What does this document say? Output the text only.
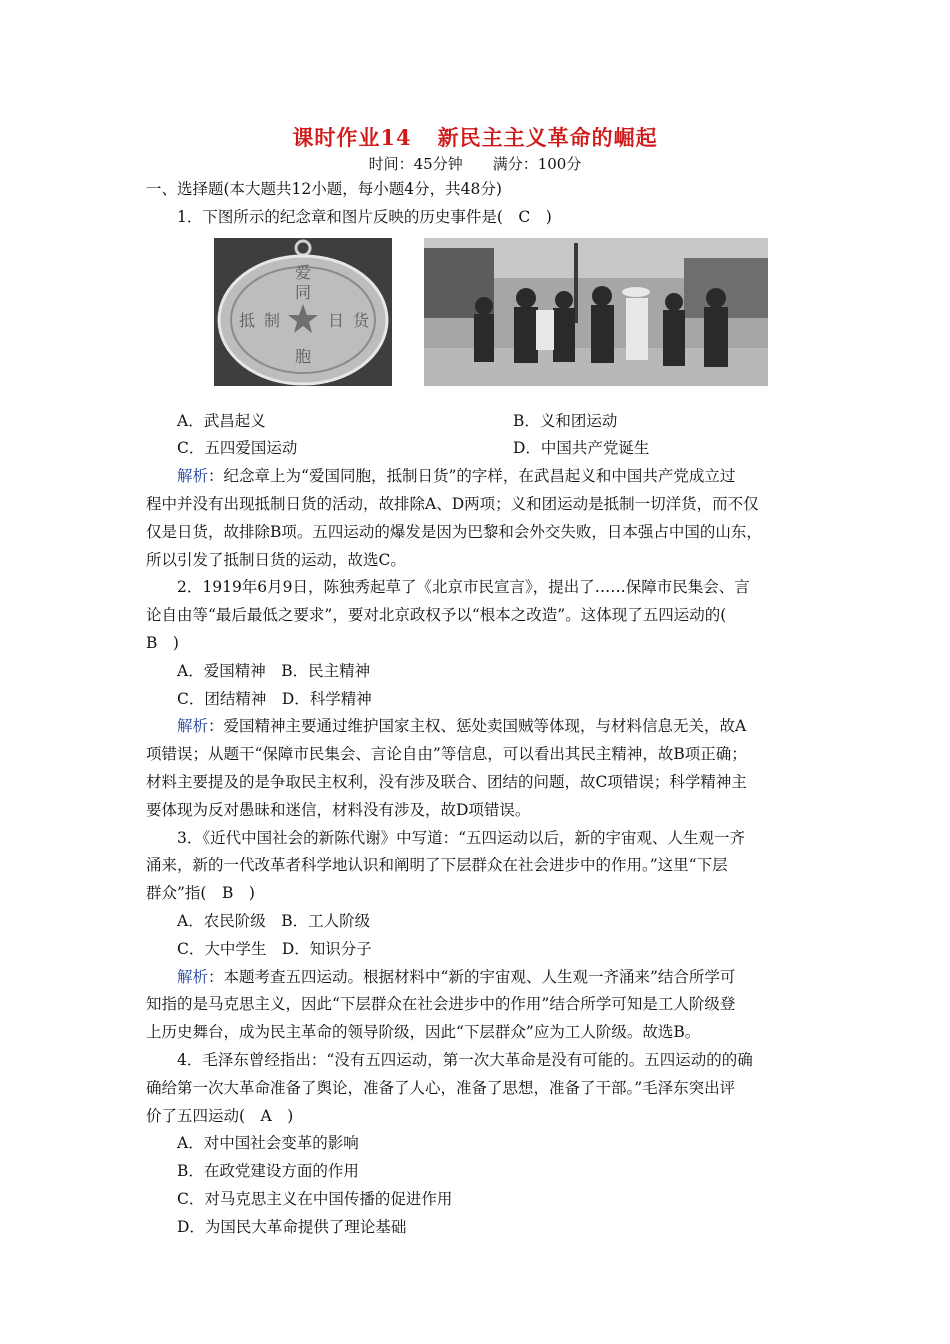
课时作业14 新民主主义革命的崛起
时间：45分钟 满分：100分

一、选择题(本大题共12小题，每小题4分，共48分)

1．下图所示的纪念章和图片反映的历史事件是(　C　)

爱
同
胞
抵 制	日 货
A．武昌起义	B．义和团运动
C．五四爱国运动	D．中国共产党诞生

解析：纪念章上为“爱国同胞，抵制日货”的字样，在武昌起义和中国共产党成立过

程中并没有出现抵制日货的活动，故排除A、D两项；义和团运动是抵制一切洋货，而不仅

仅是日货，故排除B项。五四运动的爆发是因为巴黎和会外交失败，日本强占中国的山东，

所以引发了抵制日货的运动，故选C。

2．1919年6月9日，陈独秀起草了《北京市民宣言》，提出了……保障市民集会、言

论自由等“最后最低之要求”，要对北京政权予以“根本之改造”。这体现了五四运动的(

B　)

A．爱国精神　B．民主精神

C．团结精神　D．科学精神

解析：爱国精神主要通过维护国家主权、惩处卖国贼等体现，与材料信息无关，故A

项错误；从题干“保障市民集会、言论自由”等信息，可以看出其民主精神，故B项正确；

材料主要提及的是争取民主权利，没有涉及联合、团结的问题，故C项错误；科学精神主

要体现为反对愚昧和迷信，材料没有涉及，故D项错误。

3．《近代中国社会的新陈代谢》中写道：“五四运动以后，新的宇宙观、人生观一齐

涌来，新的一代改革者科学地认识和阐明了下层群众在社会进步中的作用。”这里“下层

群众”指(　B　)

A．农民阶级　B．工人阶级

C．大中学生　D．知识分子

解析：本题考查五四运动。根据材料中“新的宇宙观、人生观一齐涌来”结合所学可

知指的是马克思主义，因此“下层群众在社会进步中的作用”结合所学可知是工人阶级登

上历史舞台，成为民主革命的领导阶级，因此“下层群众”应为工人阶级。故选B。

4．毛泽东曾经指出：“没有五四运动，第一次大革命是没有可能的。五四运动的的确

确给第一次大革命准备了舆论，准备了人心，准备了思想，准备了干部。”毛泽东突出评

价了五四运动(　A　)

A．对中国社会变革的影响

B．在政党建设方面的作用

C．对马克思主义在中国传播的促进作用

D．为国民大革命提供了理论基础
